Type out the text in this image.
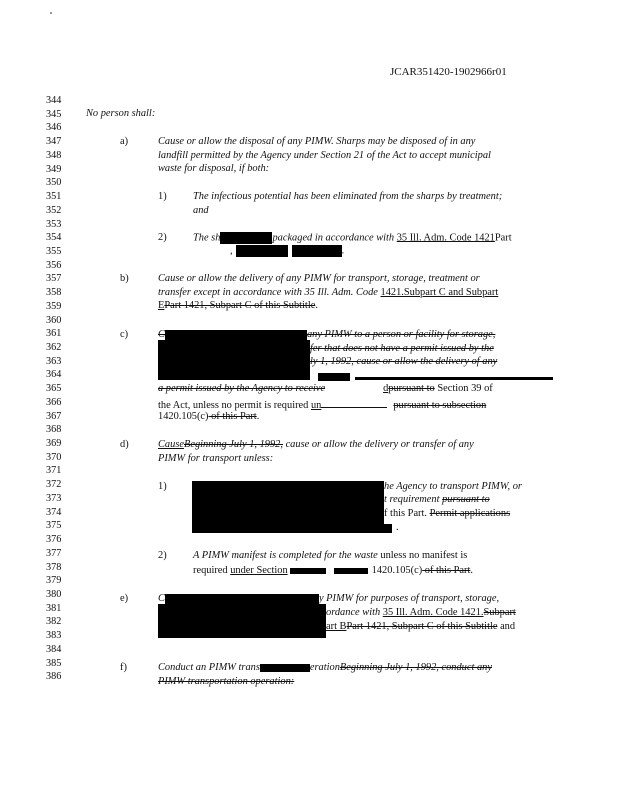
JCAR351420-1902966r01
344
345
346
347
348
349
350
351
352
353
354
355
356
357
358
359
360
361
362
363
364
365
366
367
368
369
370
371
372
373
374
375
376
377
378
379
380
381
382
383
384
385
386
No person shall:
a)	Cause or allow the disposal of any PIMW. Sharps may be disposed of in any
landfill permitted by the Agency under Section 21 of the Act to accept municipal
waste for disposal, if both:
1)	The infectious potential has been eliminated from the sharps by treatment;
and
2)	The sh	packaged in accordance with 35 Ill. Adm. Code 1421Part
,	.
b)	Cause or allow the delivery of any PIMW for transport, storage, treatment or
transfer except in accordance with 35 Ill. Adm. Code 1421.Subpart C and Subpart
EPart 1421, Subpart C of this Subtitle.
c)	C	any PIMW to a person or facility for storage,
fer that does not have a permit issued by the
ly 1, 1992, cause or allow the delivery of any
a permit issued by the Agency to receive	dpursuant to Section 39 of
the Act, unless no permit is required un	pursuant to subsection
1420.105(c) of this Part.
d)	CauseBeginning July 1, 1992, cause or allow the delivery or transfer of any
PIMW for transport unless:
1)	he Agency to transport PIMW, or
t requirement pursuant to
f this Part. Permit applications
.
2)	A PIMW manifest is completed for the waste unless no manifest is
required under Section	1420.105(c) of this Part.
e)	C	y PIMW for purposes of transport, storage,
ordance with 35 Ill. Adm. Code 1421.Subpart
art BPart 1421, Subpart C of this Subtitle and
f)	Conduct an PIMW trans	erationBeginning July 1, 1992, conduct any
PIMW transportation operation:
